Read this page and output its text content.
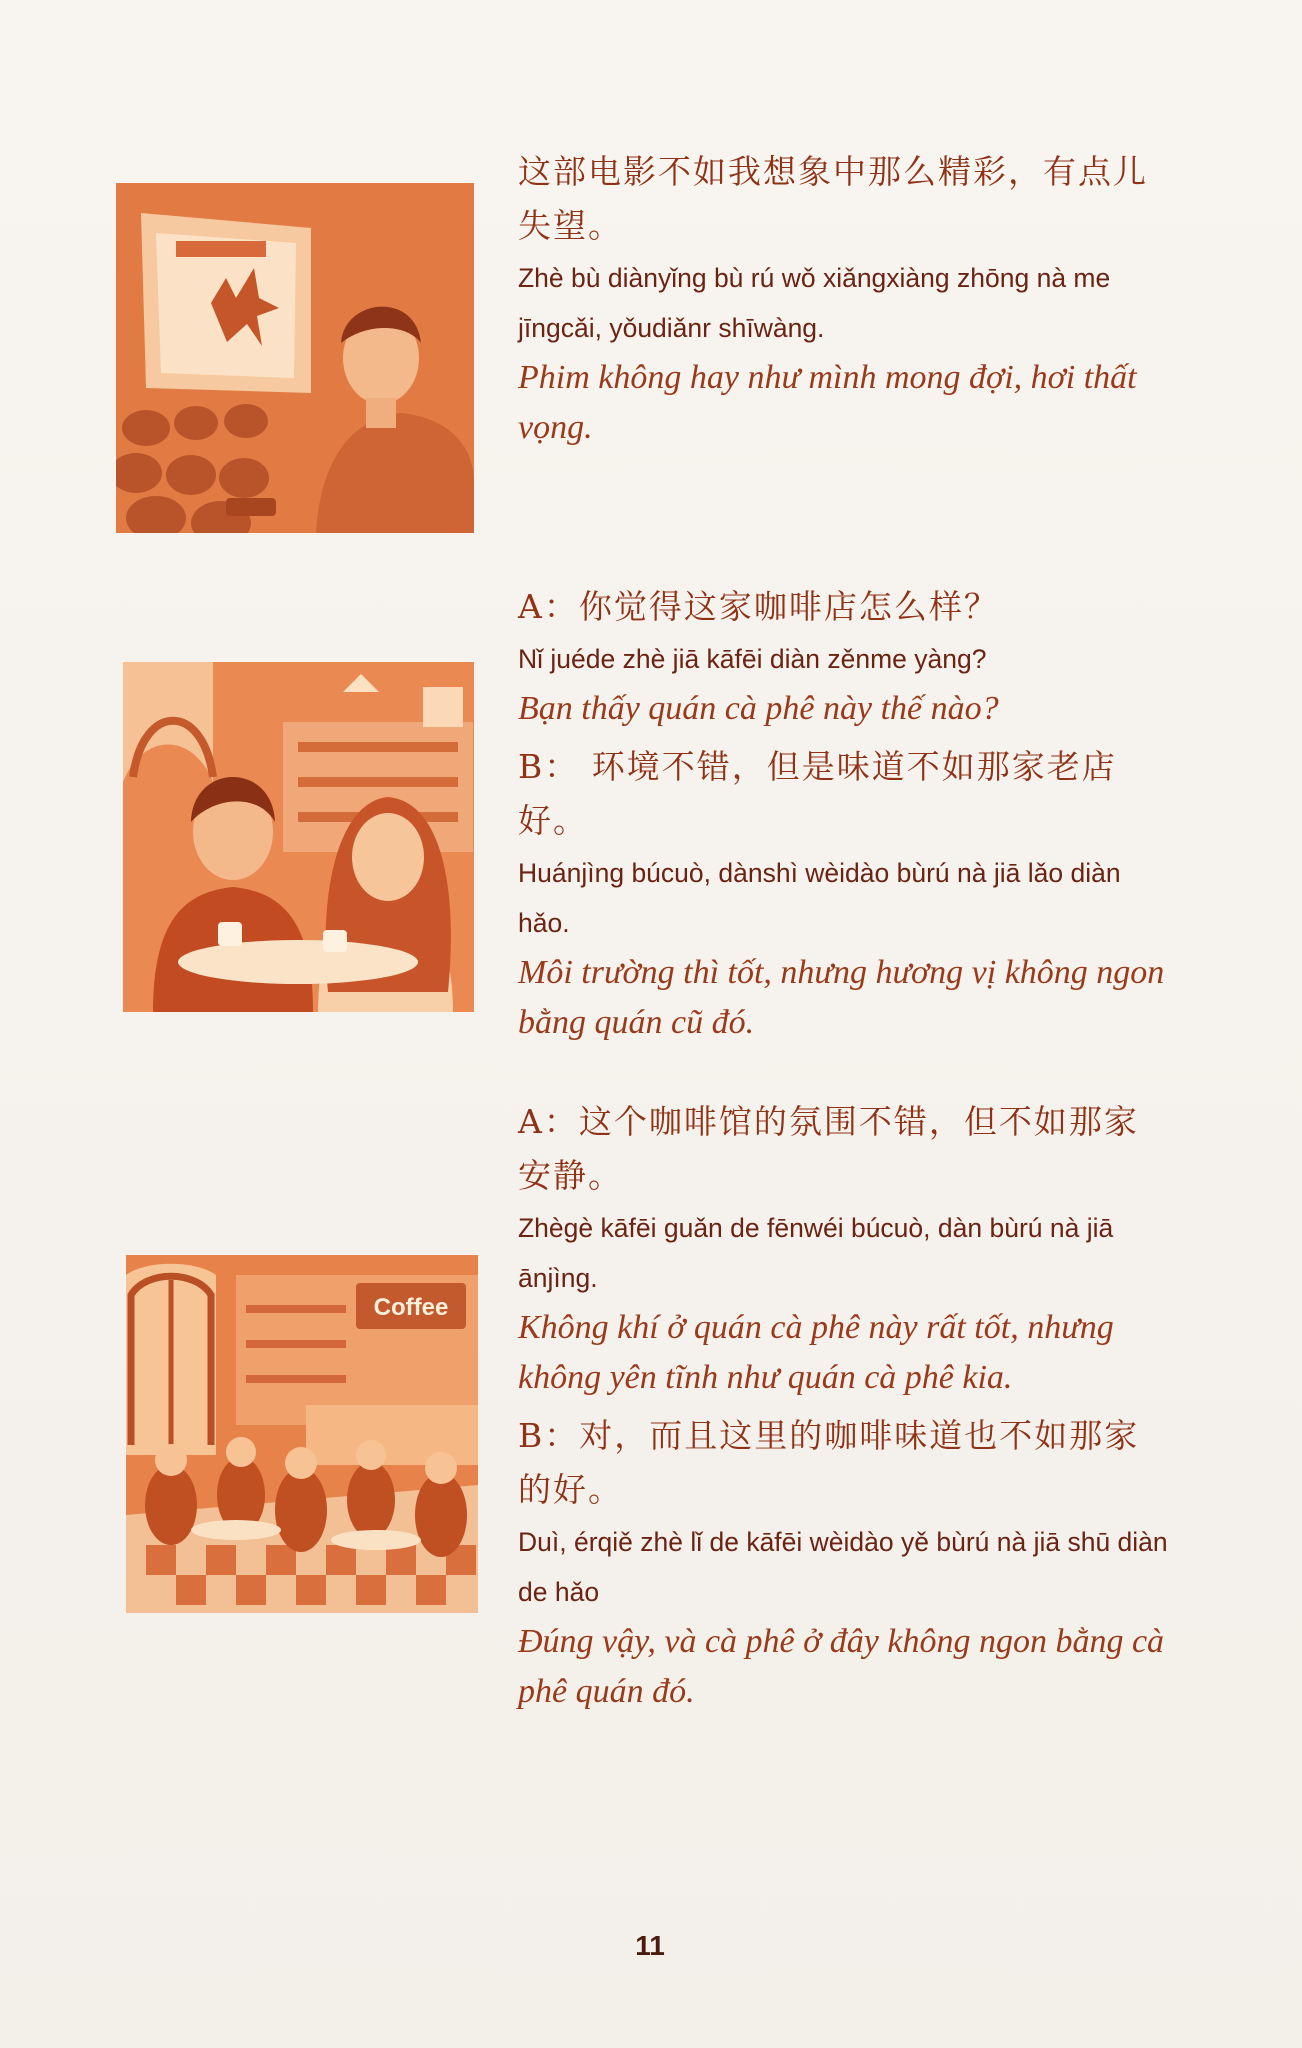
Coffee

这部电影不如我想象中那么精彩，有点儿失望。

Zhè bù diànyǐng bù rú wǒ xiǎngxiàng zhōng nà me jīngcǎi, yǒudiǎnr shīwàng.

Phim không hay như mình mong đợi, hơi thất vọng.

A：你觉得这家咖啡店怎么样？

Nǐ juéde zhè jiā kāfēi diàn zěnme yàng?

Bạn thấy quán cà phê này thế nào?

B： 环境不错，但是味道不如那家老店好。

Huánjìng búcuò, dànshì wèidào bùrú nà jiā lǎo diàn hǎo.

Môi trường thì tốt, nhưng hương vị không ngon bằng quán cũ đó.

A：这个咖啡馆的氛围不错，但不如那家安静。

Zhègè kāfēi guǎn de fēnwéi búcuò, dàn bùrú nà jiā ānjìng.

Không khí ở quán cà phê này rất tốt, nhưng không yên tĩnh như quán cà phê kia.

B：对，而且这里的咖啡味道也不如那家的好。

Duì, érqiě zhè lǐ de kāfēi wèidào yě bùrú nà jiā shū diàn de hǎo

Đúng vậy, và cà phê ở đây không ngon bằng cà phê quán đó.

11
